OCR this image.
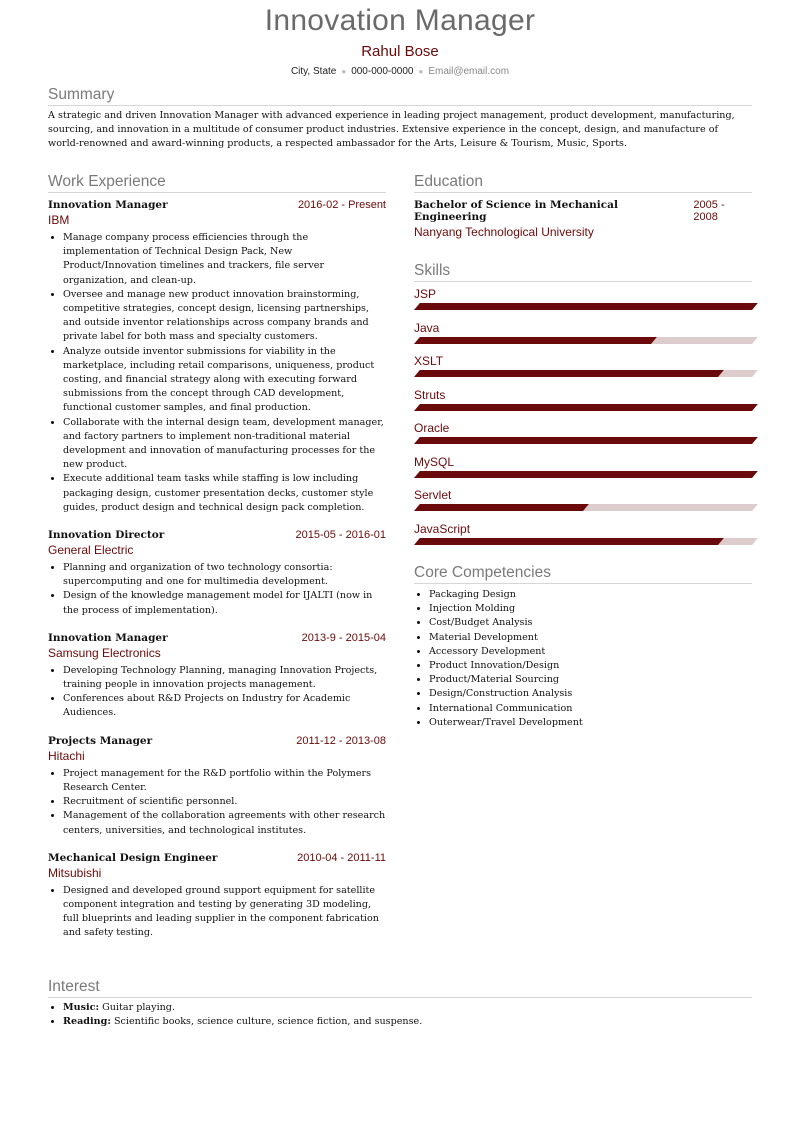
Innovation Manager
Rahul Bose
City, State ● 000-000-0000 ● Email@email.com
Summary

A strategic and driven Innovation Manager with advanced experience in leading project management, product development, manufacturing, sourcing, and innovation in a multitude of consumer product industries. Extensive experience in the concept, design, and manufacture of world-renowned and award-winning products, a respected ambassador for the Arts, Leisure & Tourism, Music, Sports.

Work Experience
Innovation Manager	2016-02 - Present
IBM
• Manage company process efficiencies through the implementation of Technical Design Pack, New Product/Innovation timelines and trackers, file server organization, and clean-up.
• Oversee and manage new product innovation brainstorming, competitive strategies, concept design, licensing partnerships, and outside inventor relationships across company brands and private label for both mass and specialty customers.
• Analyze outside inventor submissions for viability in the marketplace, including retail comparisons, uniqueness, product costing, and financial strategy along with executing forward submissions from the concept through CAD development, functional customer samples, and final production.
• Collaborate with the internal design team, development manager, and factory partners to implement non-traditional material development and innovation of manufacturing processes for the new product.
• Execute additional team tasks while staffing is low including packaging design, customer presentation decks, customer style guides, product design and technical design pack completion.
Innovation Director	2015-05 - 2016-01
General Electric
• Planning and organization of two technology consortia: supercomputing and one for multimedia development.
• Design of the knowledge management model for IJALTI (now in the process of implementation).
Innovation Manager	2013-9 - 2015-04
Samsung Electronics
• Developing Technology Planning, managing Innovation Projects, training people in innovation projects management.
• Conferences about R&D Projects on Industry for Academic Audiences.
Projects Manager	2011-12 - 2013-08
Hitachi
• Project management for the R&D portfolio within the Polymers Research Center.
• Recruitment of scientific personnel.
• Management of the collaboration agreements with other research centers, universities, and technological institutes.
Mechanical Design Engineer	2010-04 - 2011-11
Mitsubishi
• Designed and developed ground support equipment for satellite component integration and testing by generating 3D modeling, full blueprints and leading supplier in the component fabrication and safety testing.
Education
Bachelor of Science in Mechanical Engineering
2005 - 2008
Nanyang Technological University
Skills
JSP
Java
XSLT
Struts
Oracle
MySQL
Servlet
JavaScript
Core Competencies
• Packaging Design
• Injection Molding
• Cost/Budget Analysis
• Material Development
• Accessory Development
• Product Innovation/Design
• Product/Material Sourcing
• Design/Construction Analysis
• International Communication
• Outerwear/Travel Development
Interest
• Music: Guitar playing.
• Reading: Scientific books, science culture, science fiction, and suspense.
